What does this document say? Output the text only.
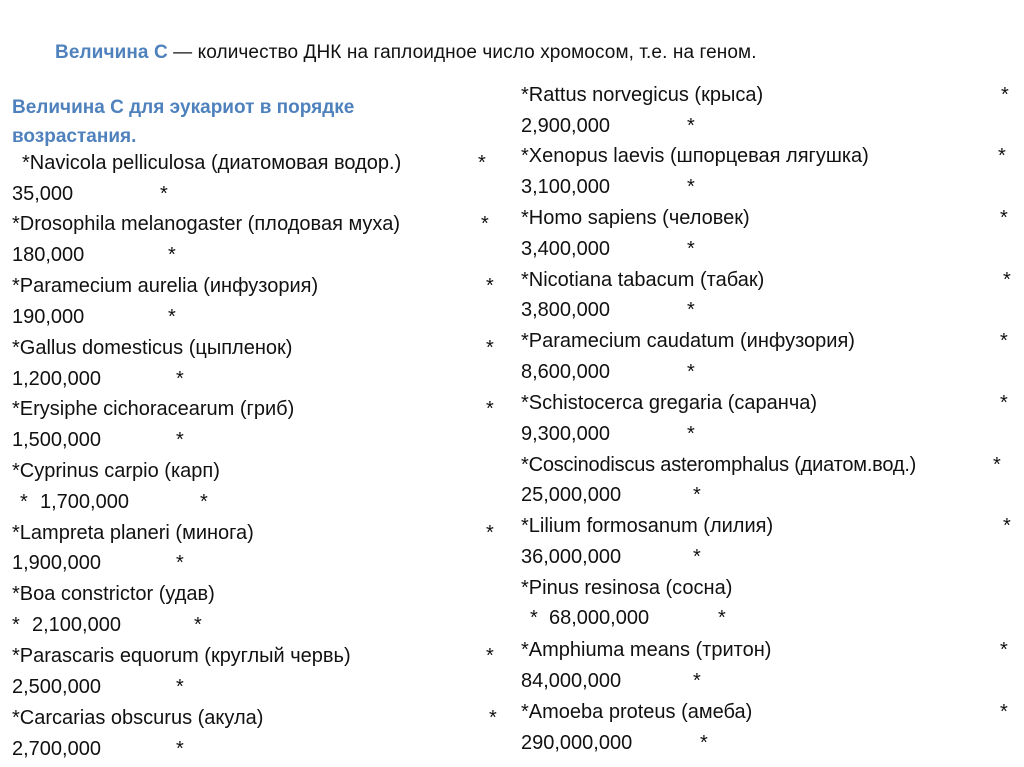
Величина С — количество ДНК на гаплоидное число хромосом, т.е. на геном.
Величина С для эукариот в порядке возрастания.

*Navicola pelliculosa (диатомовая водор.)	*

35,000	*

*Drosophila melanogaster (плодовая муха)	*

180,000	*

*Paramecium aurelia (инфузория)	*

190,000	*

*Gallus domesticus (цыпленок)	*

1,200,000	*

*Erysiphe cichoracearum (гриб)	*

1,500,000	*

*Cyprinus carpio (карп)

* 1,700,000	*

*Lampreta planeri (минога)	*

1,900,000	*

*Boa constrictor (удав)

* 2,100,000	*

*Parascaris equorum (круглый червь)	*

2,500,000	*

*Carcarias obscurus (акула)	*

2,700,000	*

*Rattus norvegicus (крыса)	*

2,900,000	*

*Xenopus laevis (шпорцевая лягушка)	*

3,100,000	*

*Homo sapiens (человек)	*

3,400,000	*

*Nicotiana tabacum (табак)	*

3,800,000	*

*Paramecium caudatum (инфузория)	*

8,600,000	*

*Schistocerca gregaria (саранча)	*

9,300,000	*

*Coscinodiscus asteromphalus (диатом.вод.)	*

25,000,000	*

*Lilium formosanum (лилия)	*

36,000,000	*

*Pinus resinosa (сосна)

* 68,000,000	*

*Amphiuma means (тритон)	*

84,000,000	*

*Amoeba proteus (амеба)	*

290,000,000	*
